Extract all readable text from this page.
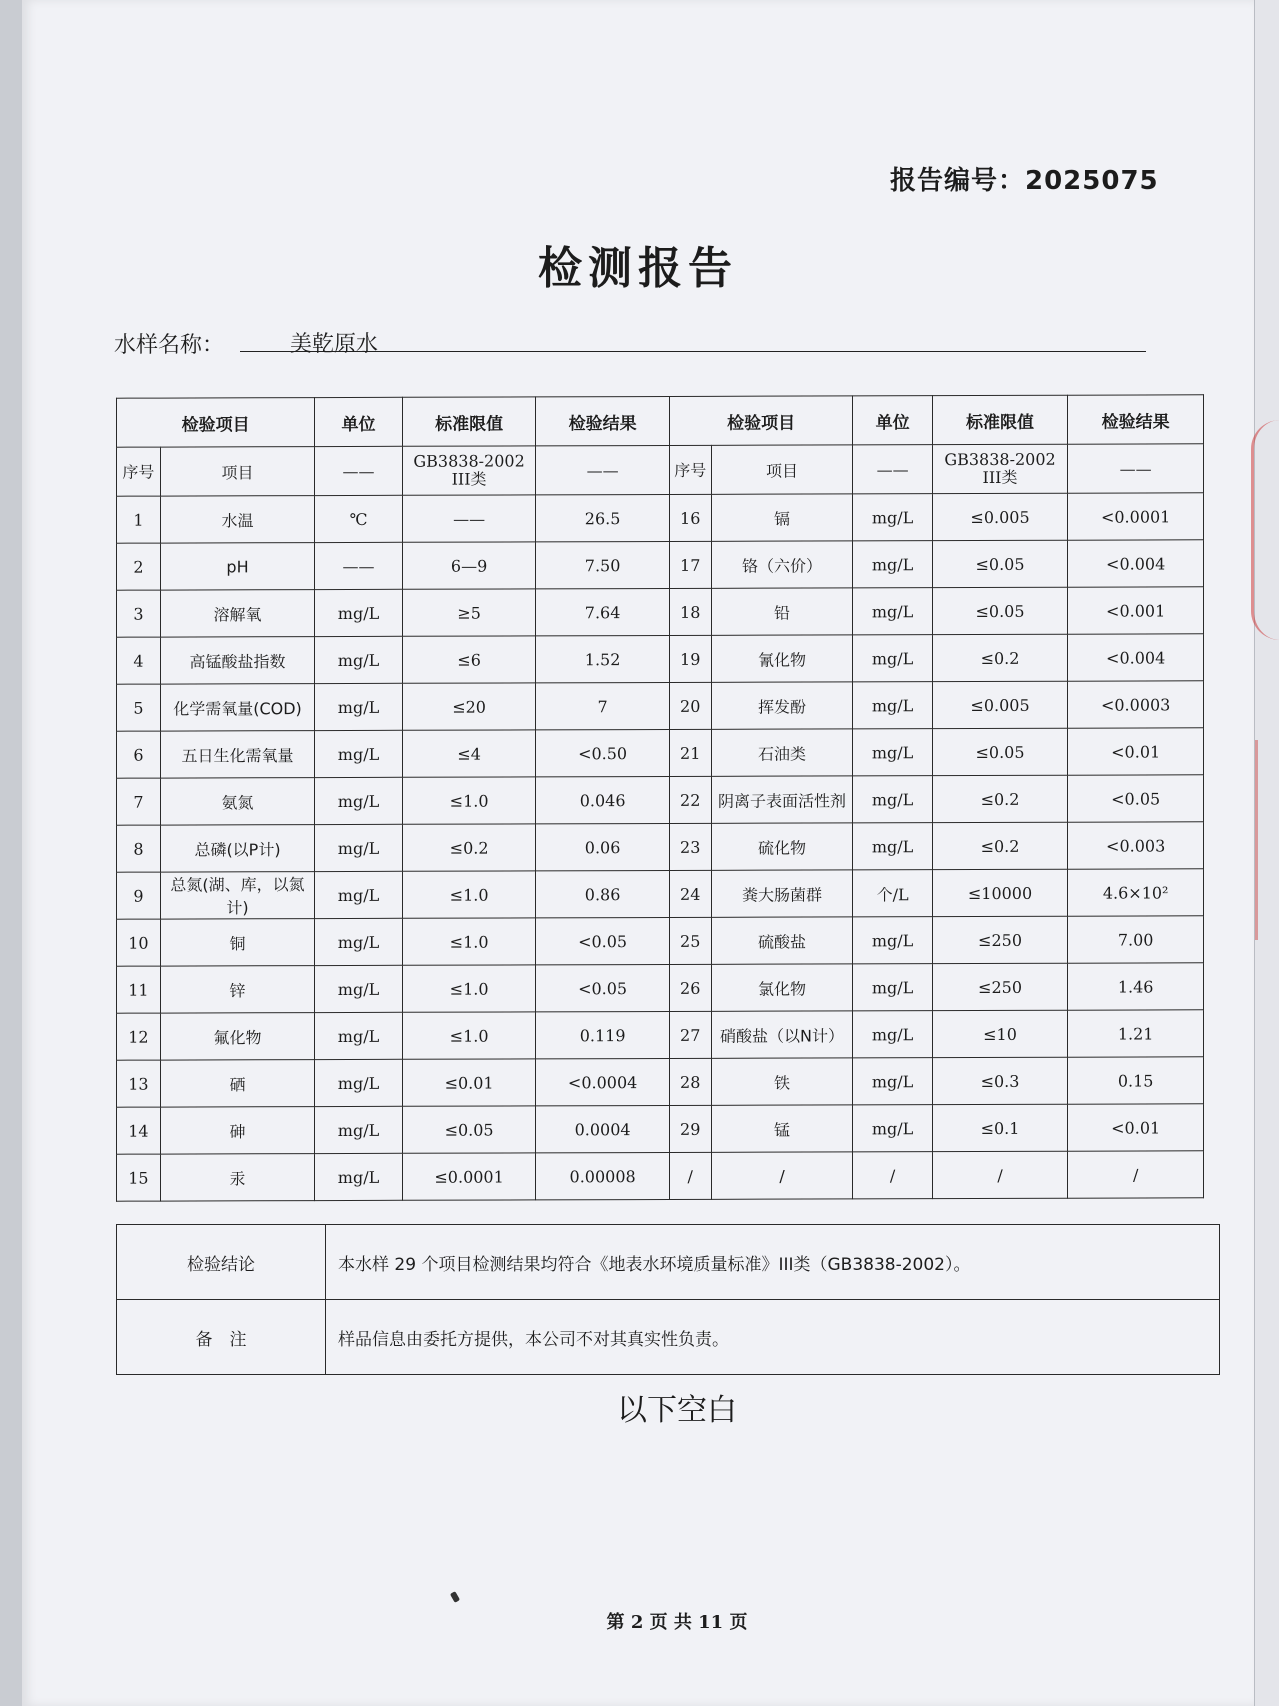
报告编号：2025075
检测报告
水样名称：	美乾原水
检验项目		单位	标准限值	检验结果	检验项目		单位	标准限值	检验结果
序号	项目	——	GB3838-2002 III类	——	序号	项目	——	GB3838-2002 III类	——
1	水温	℃	——	26.5	16	镉	mg/L	≤0.005	<0.0001
2	pH	——	6—9	7.50	17	铬（六价）	mg/L	≤0.05	<0.004
3	溶解氧	mg/L	≥5	7.64	18	铅	mg/L	≤0.05	<0.001
4	高锰酸盐指数	mg/L	≤6	1.52	19	氰化物	mg/L	≤0.2	<0.004
5	化学需氧量(COD)	mg/L	≤20	7	20	挥发酚	mg/L	≤0.005	<0.0003
6	五日生化需氧量	mg/L	≤4	<0.50	21	石油类	mg/L	≤0.05	<0.01
7	氨氮	mg/L	≤1.0	0.046	22	阴离子表面活性剂	mg/L	≤0.2	<0.05
8	总磷(以P计)	mg/L	≤0.2	0.06	23	硫化物	mg/L	≤0.2	<0.003
9	总氮(湖、库，以氮计)	mg/L	≤1.0	0.86	24	粪大肠菌群	个/L	≤10000	4.6×10²
10	铜	mg/L	≤1.0	<0.05	25	硫酸盐	mg/L	≤250	7.00
11	锌	mg/L	≤1.0	<0.05	26	氯化物	mg/L	≤250	1.46
12	氟化物	mg/L	≤1.0	0.119	27	硝酸盐（以N计）	mg/L	≤10	1.21
13	硒	mg/L	≤0.01	<0.0004	28	铁	mg/L	≤0.3	0.15
14	砷	mg/L	≤0.05	0.0004	29	锰	mg/L	≤0.1	<0.01
15	汞	mg/L	≤0.0001	0.00008	/	/	/	/	/
检验结论	本水样 29 个项目检测结果均符合《地表水环境质量标准》III类（GB3838-2002）。
备　注	样品信息由委托方提供，本公司不对其真实性负责。
以下空白
第 2 页 共 11 页
